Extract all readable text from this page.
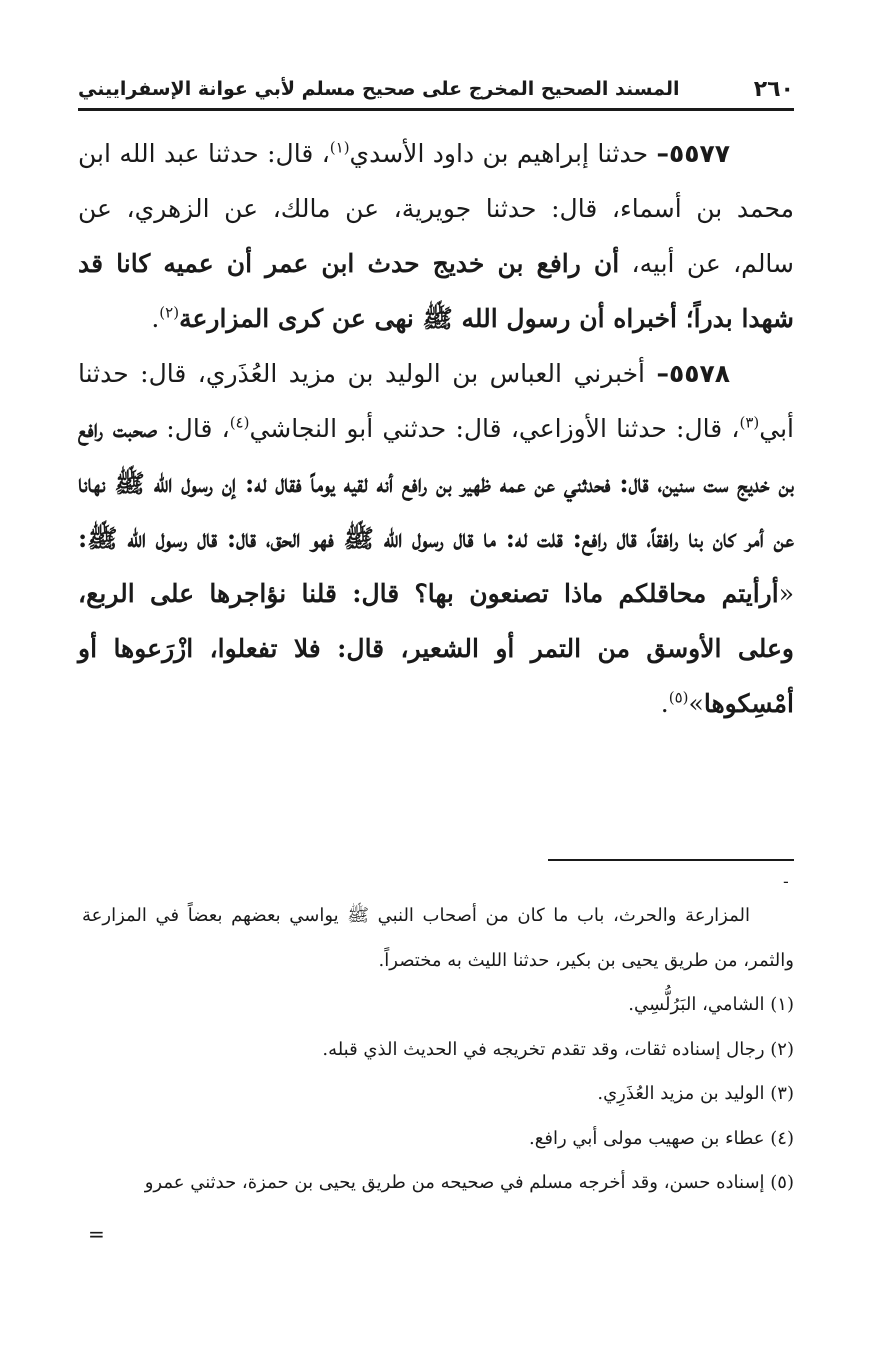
٢٦٠
المسند الصحيح المخرج على صحيح مسلم لأبي عوانة الإسفراييني

٥٥٧٧– حدثنا إبراهيم بن داود الأسدي$^{(١)}$، قال: حدثنا عبد الله ابن محمد بن أسماء، قال: حدثنا جويرية، عن مالك، عن الزهري، عن سالم، عن أبيه، أن رافع بن خديج حدث ابن عمر أن عميه كانا قد شهدا بدراً؛ أخبراه أن رسول الله ﷺ نهى عن كرى المزارعة$^{(٢)}$.

٥٥٧٨– أخبرني العباس بن الوليد بن مزيد العُذَري، قال: حدثنا أبي$^{(٣)}$، قال: حدثنا الأوزاعي، قال: حدثني أبو النجاشي$^{(٤)}$، قال: صحبت رافع بن خديج ست سنين، قال: فحدثني عن عمه ظهير بن رافع أنه لقيه يوماً فقال له: إن رسول الله ﷺ نهانا عن أمر كان بنا رافقاً، قال رافع: قلت له: ما قال رسول الله ﷺ فهو الحق، قال: قال رسول الله ﷺ: «أرأيتم محاقلكم ماذا تصنعون بها؟ قال: قلنا نؤاجرها على الربع، وعلى الأوسق من التمر أو الشعير، قال: فلا تفعلوا، ازْرَعوها أو أمْسِكوها»$^{(٥)}$.

-

المزارعة والحرث، باب ما كان من أصحاب النبي ﷺ يواسي بعضهم بعضاً في المزارعة والثمر، من طريق يحيى بن بكير، حدثنا الليث به مختصراً.

(١) الشامي، البَرُلُّسِي.

(٢) رجال إسناده ثقات، وقد تقدم تخريجه في الحديث الذي قبله.

(٣) الوليد بن مزيد العُذَرِي.

(٤) عطاء بن صهيب مولى أبي رافع.

(٥) إسناده حسن، وقد أخرجه مسلم في صحيحه من طريق يحيى بن حمزة، حدثني عمرو

=
